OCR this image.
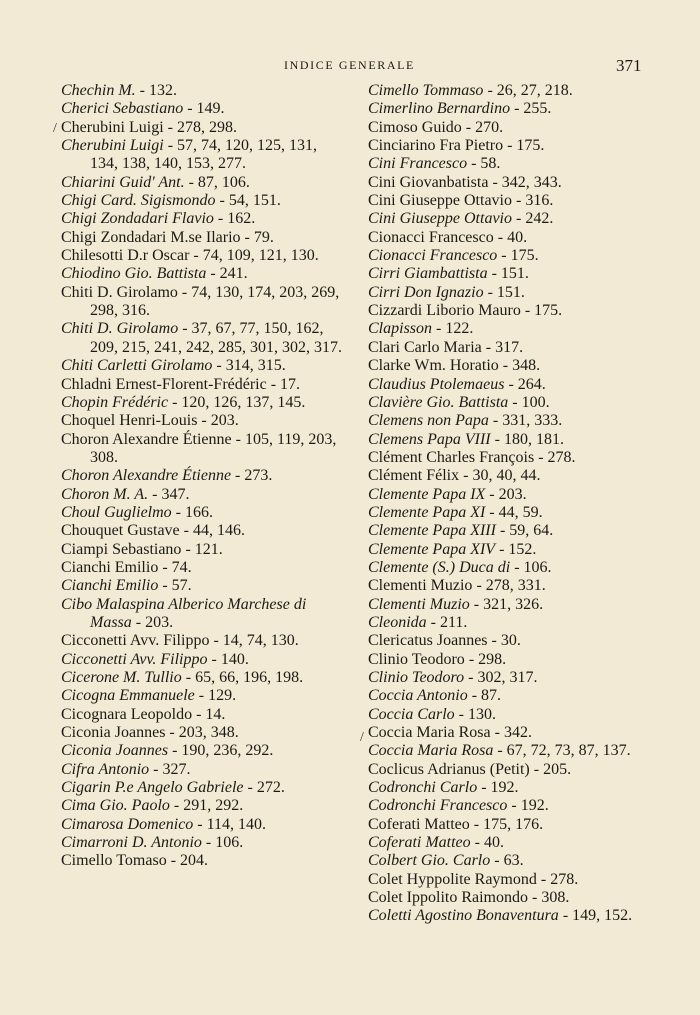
INDICE GENERALE	371
/
/

Chechin M. - 132.

Cherici Sebastiano - 149.

Cherubini Luigi - 278, 298.

Cherubini Luigi - 57, 74, 120, 125, 131, 134, 138, 140, 153, 277.

Chiarini Guid' Ant. - 87, 106.

Chigi Card. Sigismondo - 54, 151.

Chigi Zondadari Flavio - 162.

Chigi Zondadari M.se Ilario - 79.

Chilesotti D.r Oscar - 74, 109, 121, 130.

Chiodino Gio. Battista - 241.

Chiti D. Girolamo - 74, 130, 174, 203, 269, 298, 316.

Chiti D. Girolamo - 37, 67, 77, 150, 162, 209, 215, 241, 242, 285, 301, 302, 317.

Chiti Carletti Girolamo - 314, 315.

Chladni Ernest-Florent-Frédéric - 17.

Chopin Frédéric - 120, 126, 137, 145.

Choquel Henri-Louis - 203.

Choron Alexandre Étienne - 105, 119, 203, 308.

Choron Alexandre Étienne - 273.

Choron M. A. - 347.

Choul Guglielmo - 166.

Chouquet Gustave - 44, 146.

Ciampi Sebastiano - 121.

Cianchi Emilio - 74.

Cianchi Emilio - 57.

Cibo Malaspina Alberico Marchese di Massa - 203.

Cicconetti Avv. Filippo - 14, 74, 130.

Cicconetti Avv. Filippo - 140.

Cicerone M. Tullio - 65, 66, 196, 198.

Cicogna Emmanuele - 129.

Cicognara Leopoldo - 14.

Ciconia Joannes - 203, 348.

Ciconia Joannes - 190, 236, 292.

Cifra Antonio - 327.

Cigarin P.e Angelo Gabriele - 272.

Cima Gio. Paolo - 291, 292.

Cimarosa Domenico - 114, 140.

Cimarroni D. Antonio - 106.

Cimello Tomaso - 204.

Cimello Tommaso - 26, 27, 218.

Cimerlino Bernardino - 255.

Cimoso Guido - 270.

Cinciarino Fra Pietro - 175.

Cini Francesco - 58.

Cini Giovanbatista - 342, 343.

Cini Giuseppe Ottavio - 316.

Cini Giuseppe Ottavio - 242.

Cionacci Francesco - 40.

Cionacci Francesco - 175.

Cirri Giambattista - 151.

Cirri Don Ignazio - 151.

Cizzardi Liborio Mauro - 175.

Clapisson - 122.

Clari Carlo Maria - 317.

Clarke Wm. Horatio - 348.

Claudius Ptolemaeus - 264.

Clavière Gio. Battista - 100.

Clemens non Papa - 331, 333.

Clemens Papa VIII - 180, 181.

Clément Charles François - 278.

Clément Félix - 30, 40, 44.

Clemente Papa IX - 203.

Clemente Papa XI - 44, 59.

Clemente Papa XIII - 59, 64.

Clemente Papa XIV - 152.

Clemente (S.) Duca di - 106.

Clementi Muzio - 278, 331.

Clementi Muzio - 321, 326.

Cleonida - 211.

Clericatus Joannes - 30.

Clinio Teodoro - 298.

Clinio Teodoro - 302, 317.

Coccia Antonio - 87.

Coccia Carlo - 130.

Coccia Maria Rosa - 342.

Coccia Maria Rosa - 67, 72, 73, 87, 137.

Coclicus Adrianus (Petit) - 205.

Codronchi Carlo - 192.

Codronchi Francesco - 192.

Coferati Matteo - 175, 176.

Coferati Matteo - 40.

Colbert Gio. Carlo - 63.

Colet Hyppolite Raymond - 278.

Colet Ippolito Raimondo - 308.

Coletti Agostino Bonaventura - 149, 152.
